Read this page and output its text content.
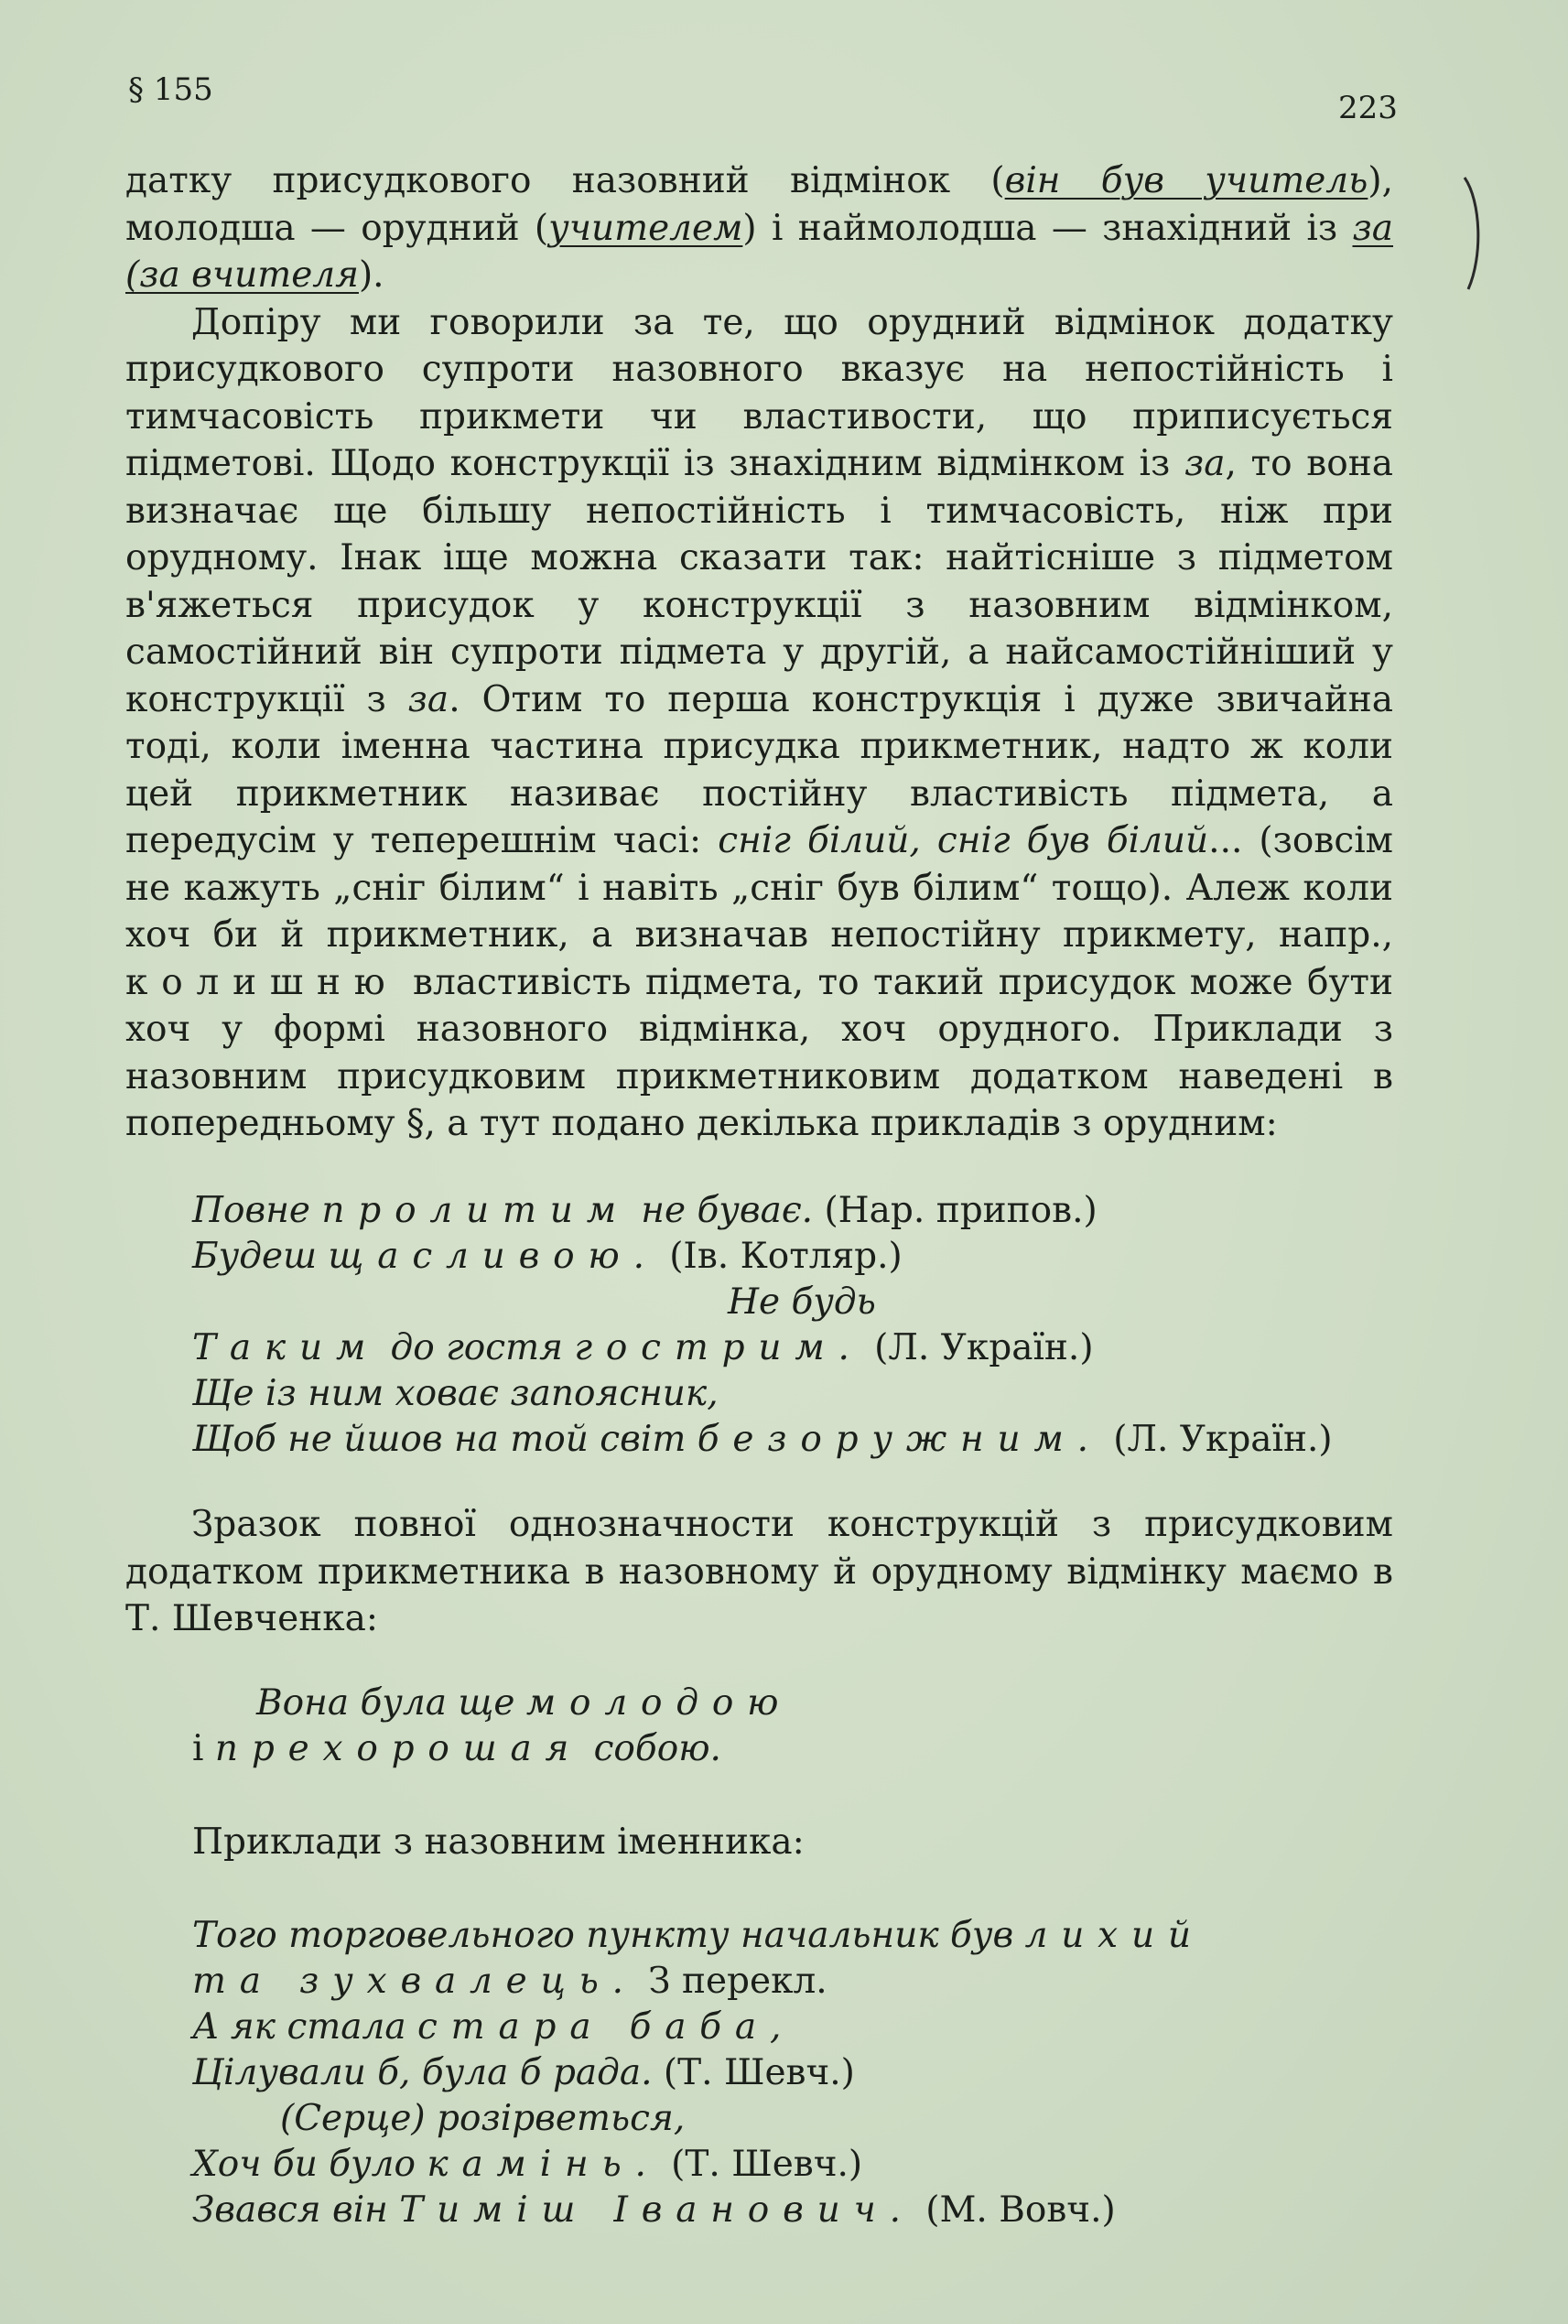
§ 155	223

датку присудкового назовний відмінок (він був учитель), молодша — орудний (учителем) і наймолодша — знахідний із за (за вчителя).

Допіру ми говорили за те, що орудний відмінок додатку присудкового супроти назовного вказує на непостійність і тимчасовість прикмети чи властивости, що приписується підметові. Щодо конструкції із знахідним відмінком із за, то вона визначає ще більшу непостійність і тимчасовість, ніж при орудному. Інак іще можна сказати так: найтісніше з підметом в'яжеться присудок у конструкції з назовним відмінком, самостійний він супроти підмета у другій, а найсамостійніший у конструкції з за. Отим то перша конструкція і дуже звичайна тоді, коли іменна частина присудка прикметник, надто ж коли цей прикметник називає постійну властивість підмета, а передусім у теперешнім часі: сніг білий, сніг був білий... (зовсім не кажуть „сніг білим“ і навіть „сніг був білим“ тощо). Алеж коли хоч би й прикметник, а визначав непостійну прикмету, напр., колишню властивість підмета, то такий присудок може бути хоч у формі назовного відмінка, хоч орудного. Приклади з назовним присудковим прикметниковим додатком наведені в попередньому §, а тут подано декілька прикладів з орудним:

Повне пролитим не буває. (Нар. припов.)
Будеш щасливою. (Ів. Котляр.)
Не будь
Таким до гостя гострим. (Л. Україн.)
Ще із ним ховає запоясник,
Щоб не йшов на той світ безоружним. (Л. Україн.)
Зразок повної однозначности конструкцій з присудковим додатком прикметника в назовному й орудному відмінку маємо в Т. Шевченка:
Вона була ще молодою
і прехорошая собою.
Приклади з назовним іменника:
Того торговельного пункту начальник був лихий
та зухвалець. З перекл.
А як стала стара баба,
Цілували б, була б рада. (Т. Шевч.)
(Серце) розірветься,
Хоч би було камінь. (Т. Шевч.)
Звався він Тиміш Іванович. (М. Вовч.)
